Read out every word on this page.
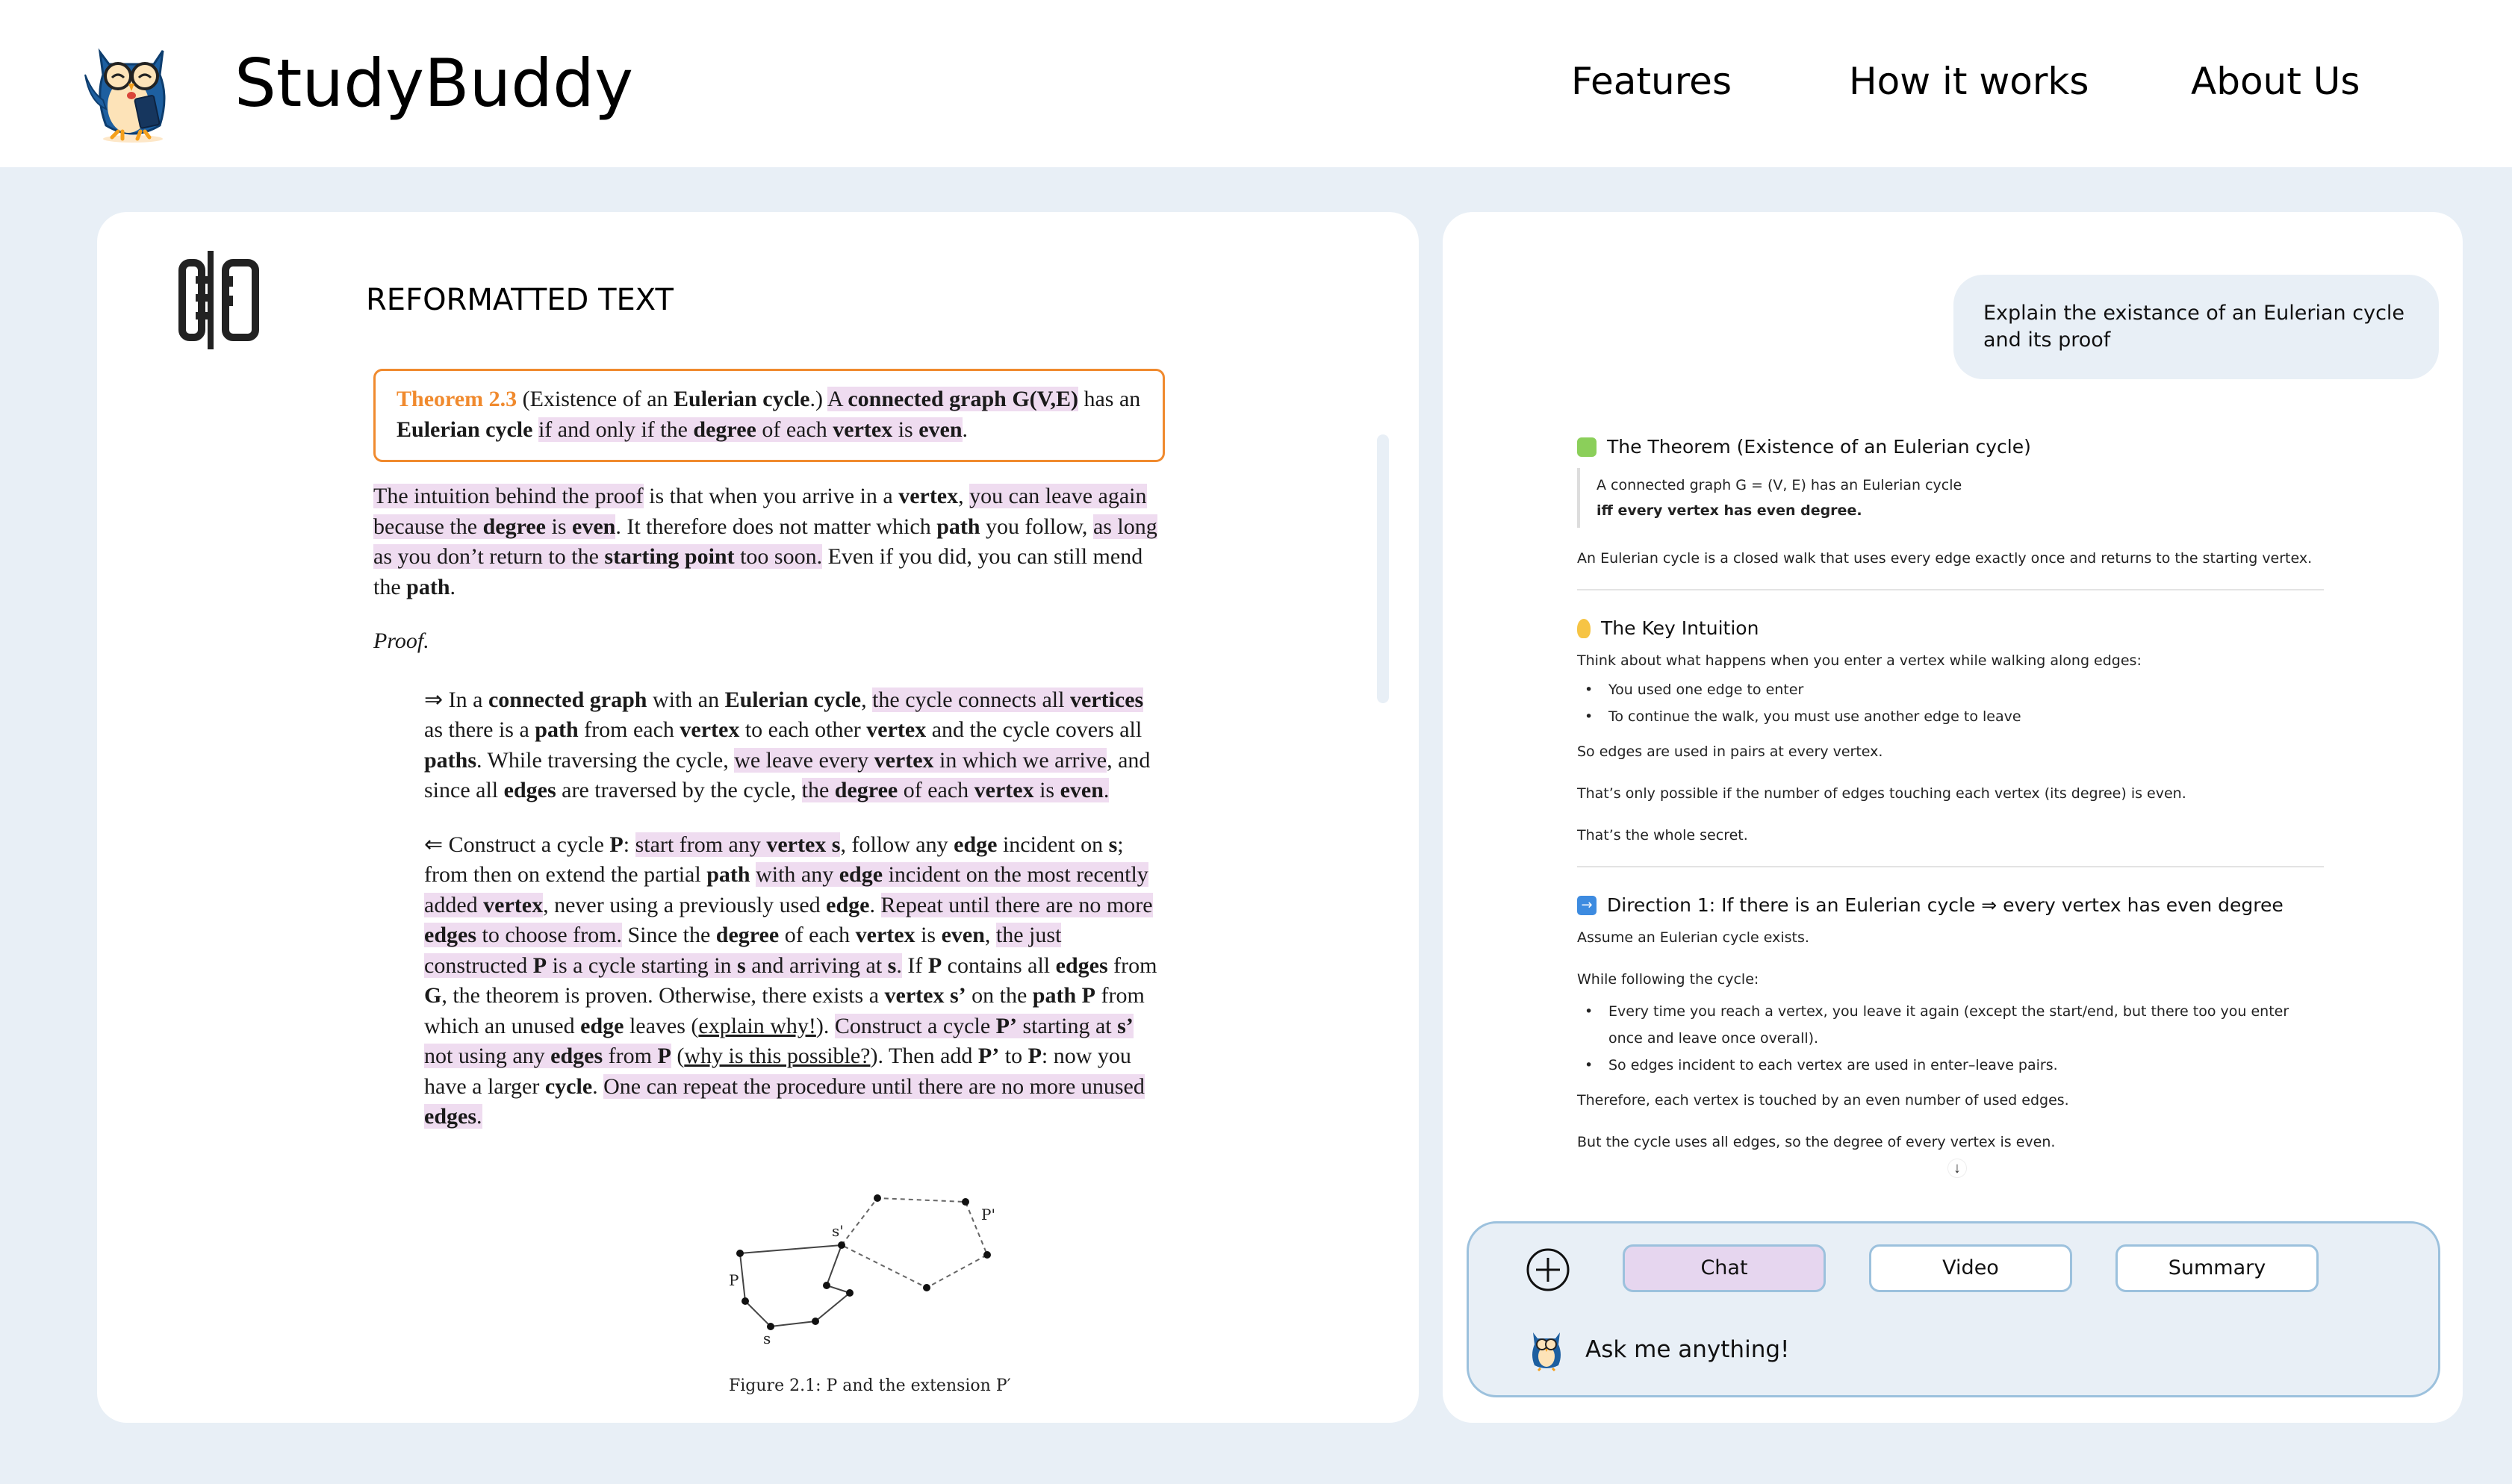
StudyBuddy	Features	How it works	About Us
REFORMATTED TEXT
Theorem 2.3 (Existence of an Eulerian cycle.) A connected graph G(V,E) has an Eulerian cycle if and only if the degree of each vertex is even.
The intuition behind the proof is that when you arrive in a vertex, you can leave again because the degree is even. It therefore does not matter which path you follow, as long as you don’t return to the starting point too soon. Even if you did, you can still mend the path.
Proof.
⇒ In a connected graph with an Eulerian cycle, the cycle connects all vertices as there is a path from each vertex to each other vertex and the cycle covers all paths. While traversing the cycle, we leave every vertex in which we arrive, and since all edges are traversed by the cycle, the degree of each vertex is even.
⇐ Construct a cycle P: start from any vertex s, follow any edge incident on s; from then on extend the partial path with any edge incident on the most recently added vertex, never using a previously used edge. Repeat until there are no more edges to choose from. Since the degree of each vertex is even, the just constructed P is a cycle starting in s and arriving at s. If P contains all edges from G, the theorem is proven. Otherwise, there exists a vertex s’ on the path P from which an unused edge leaves (explain why!). Construct a cycle P’ starting at s’ not using any edges from P (why is this possible?). Then add P’ to P: now you have a larger cycle. One can repeat the procedure until there are no more unused edges.
P
P'
s
s'
Figure 2.1: P and the extension P′
Explain the existance of an Eulerian cycle and its proof
The Theorem (Existence of an Eulerian cycle)
A connected graph G = (V, E) has an Eulerian cycle
iff every vertex has even degree.
An Eulerian cycle is a closed walk that uses every edge exactly once and returns to the starting vertex.
The Key Intuition
Think about what happens when you enter a vertex while walking along edges:
• You used one edge to enter
• To continue the walk, you must use another edge to leave
So edges are used in pairs at every vertex.
That’s only possible if the number of edges touching each vertex (its degree) is even.
That’s the whole secret.
→ Direction 1: If there is an Eulerian cycle ⇒ every vertex has even degree
Assume an Eulerian cycle exists.
While following the cycle:
• Every time you reach a vertex, you leave it again (except the start/end, but there too you enter once and leave once overall).
• So edges incident to each vertex are used in enter–leave pairs.
Therefore, each vertex is touched by an even number of used edges.
But the cycle uses all edges, so the degree of every vertex is even.
↓
Chat	Video	Summary
Ask me anything!
